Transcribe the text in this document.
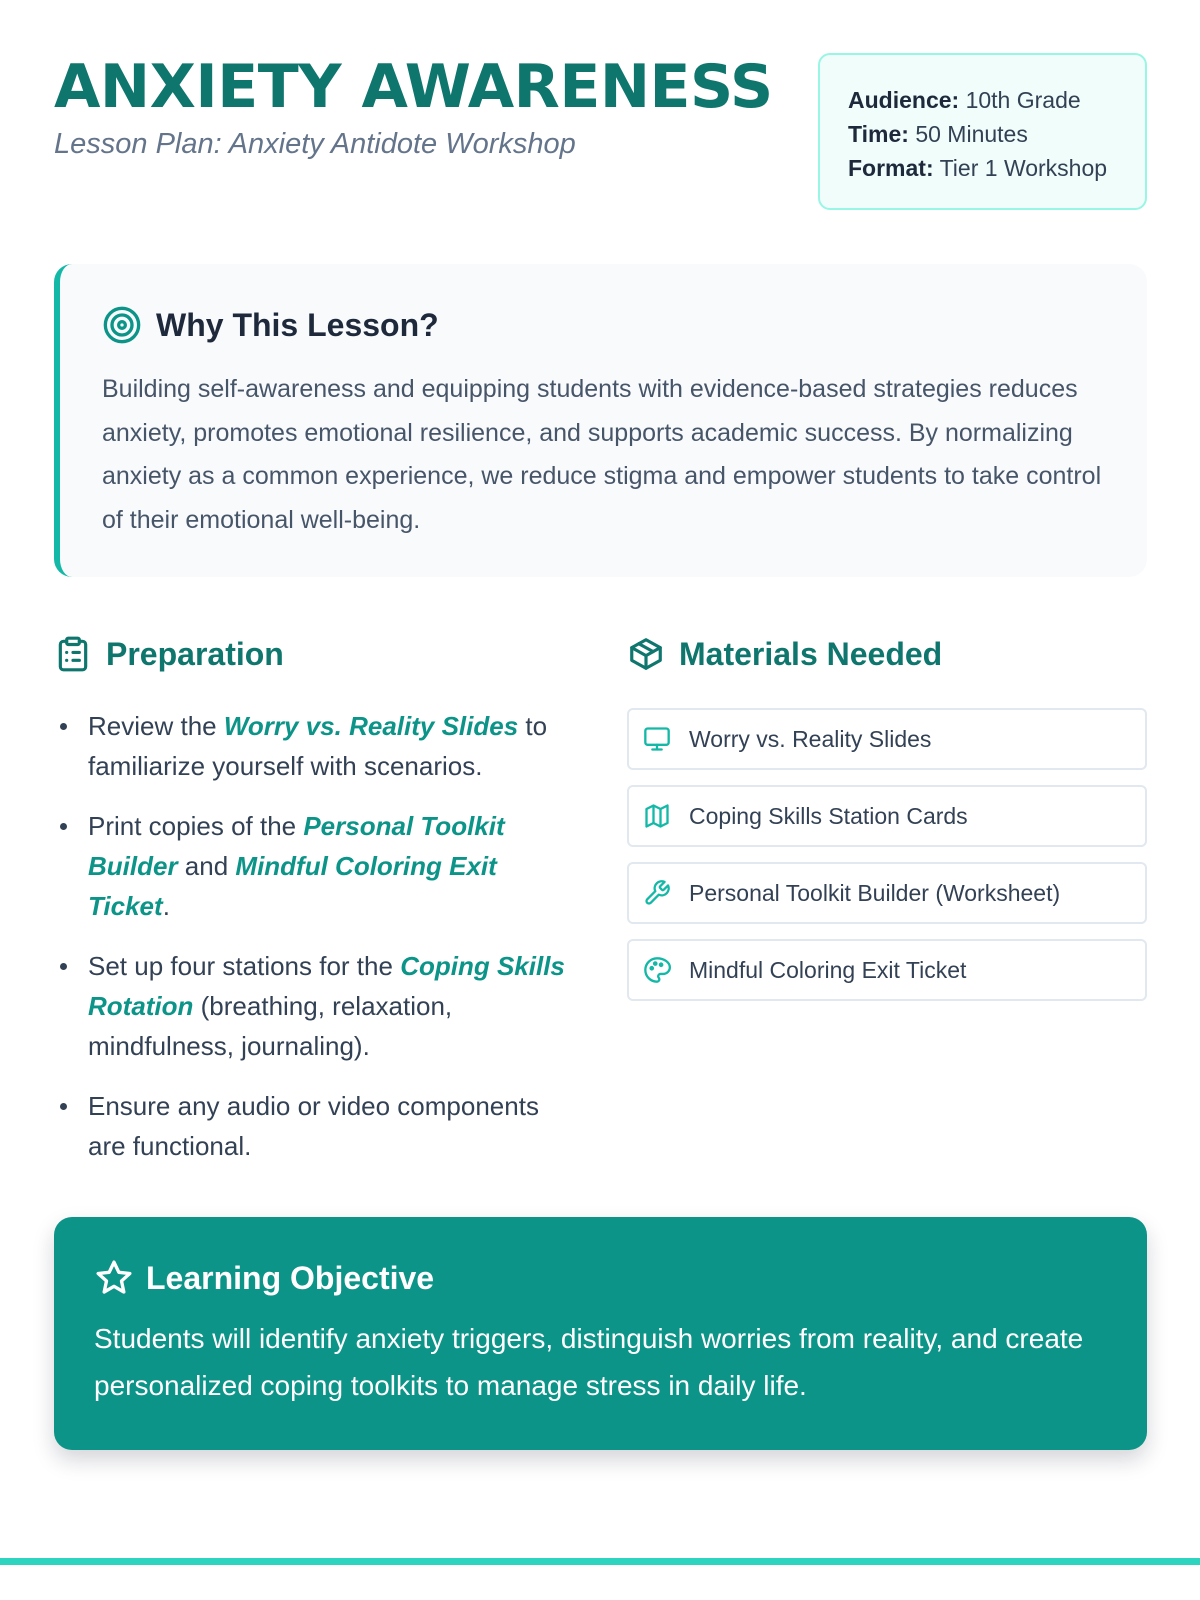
ANXIETY AWARENESS
Lesson Plan: Anxiety Antidote Workshop
Audience: 10th Grade
Time: 50 Minutes
Format: Tier 1 Workshop
Why This Lesson?

Building self-awareness and equipping students with evidence-based strategies reduces anxiety, promotes emotional resilience, and supports academic success. By normalizing anxiety as a common experience, we reduce stigma and empower students to take control of their emotional well-being.

Preparation
Review the Worry vs. Reality Slides to familiarize yourself with scenarios.
Print copies of the Personal Toolkit Builder and Mindful Coloring Exit Ticket.
Set up four stations for the Coping Skills Rotation (breathing, relaxation, mindfulness, journaling).
Ensure any audio or video components are functional.
Materials Needed
Worry vs. Reality Slides
Coping Skills Station Cards
Personal Toolkit Builder (Worksheet)
Mindful Coloring Exit Ticket
Learning Objective

Students will identify anxiety triggers, distinguish worries from reality, and create personalized coping toolkits to manage stress in daily life.
